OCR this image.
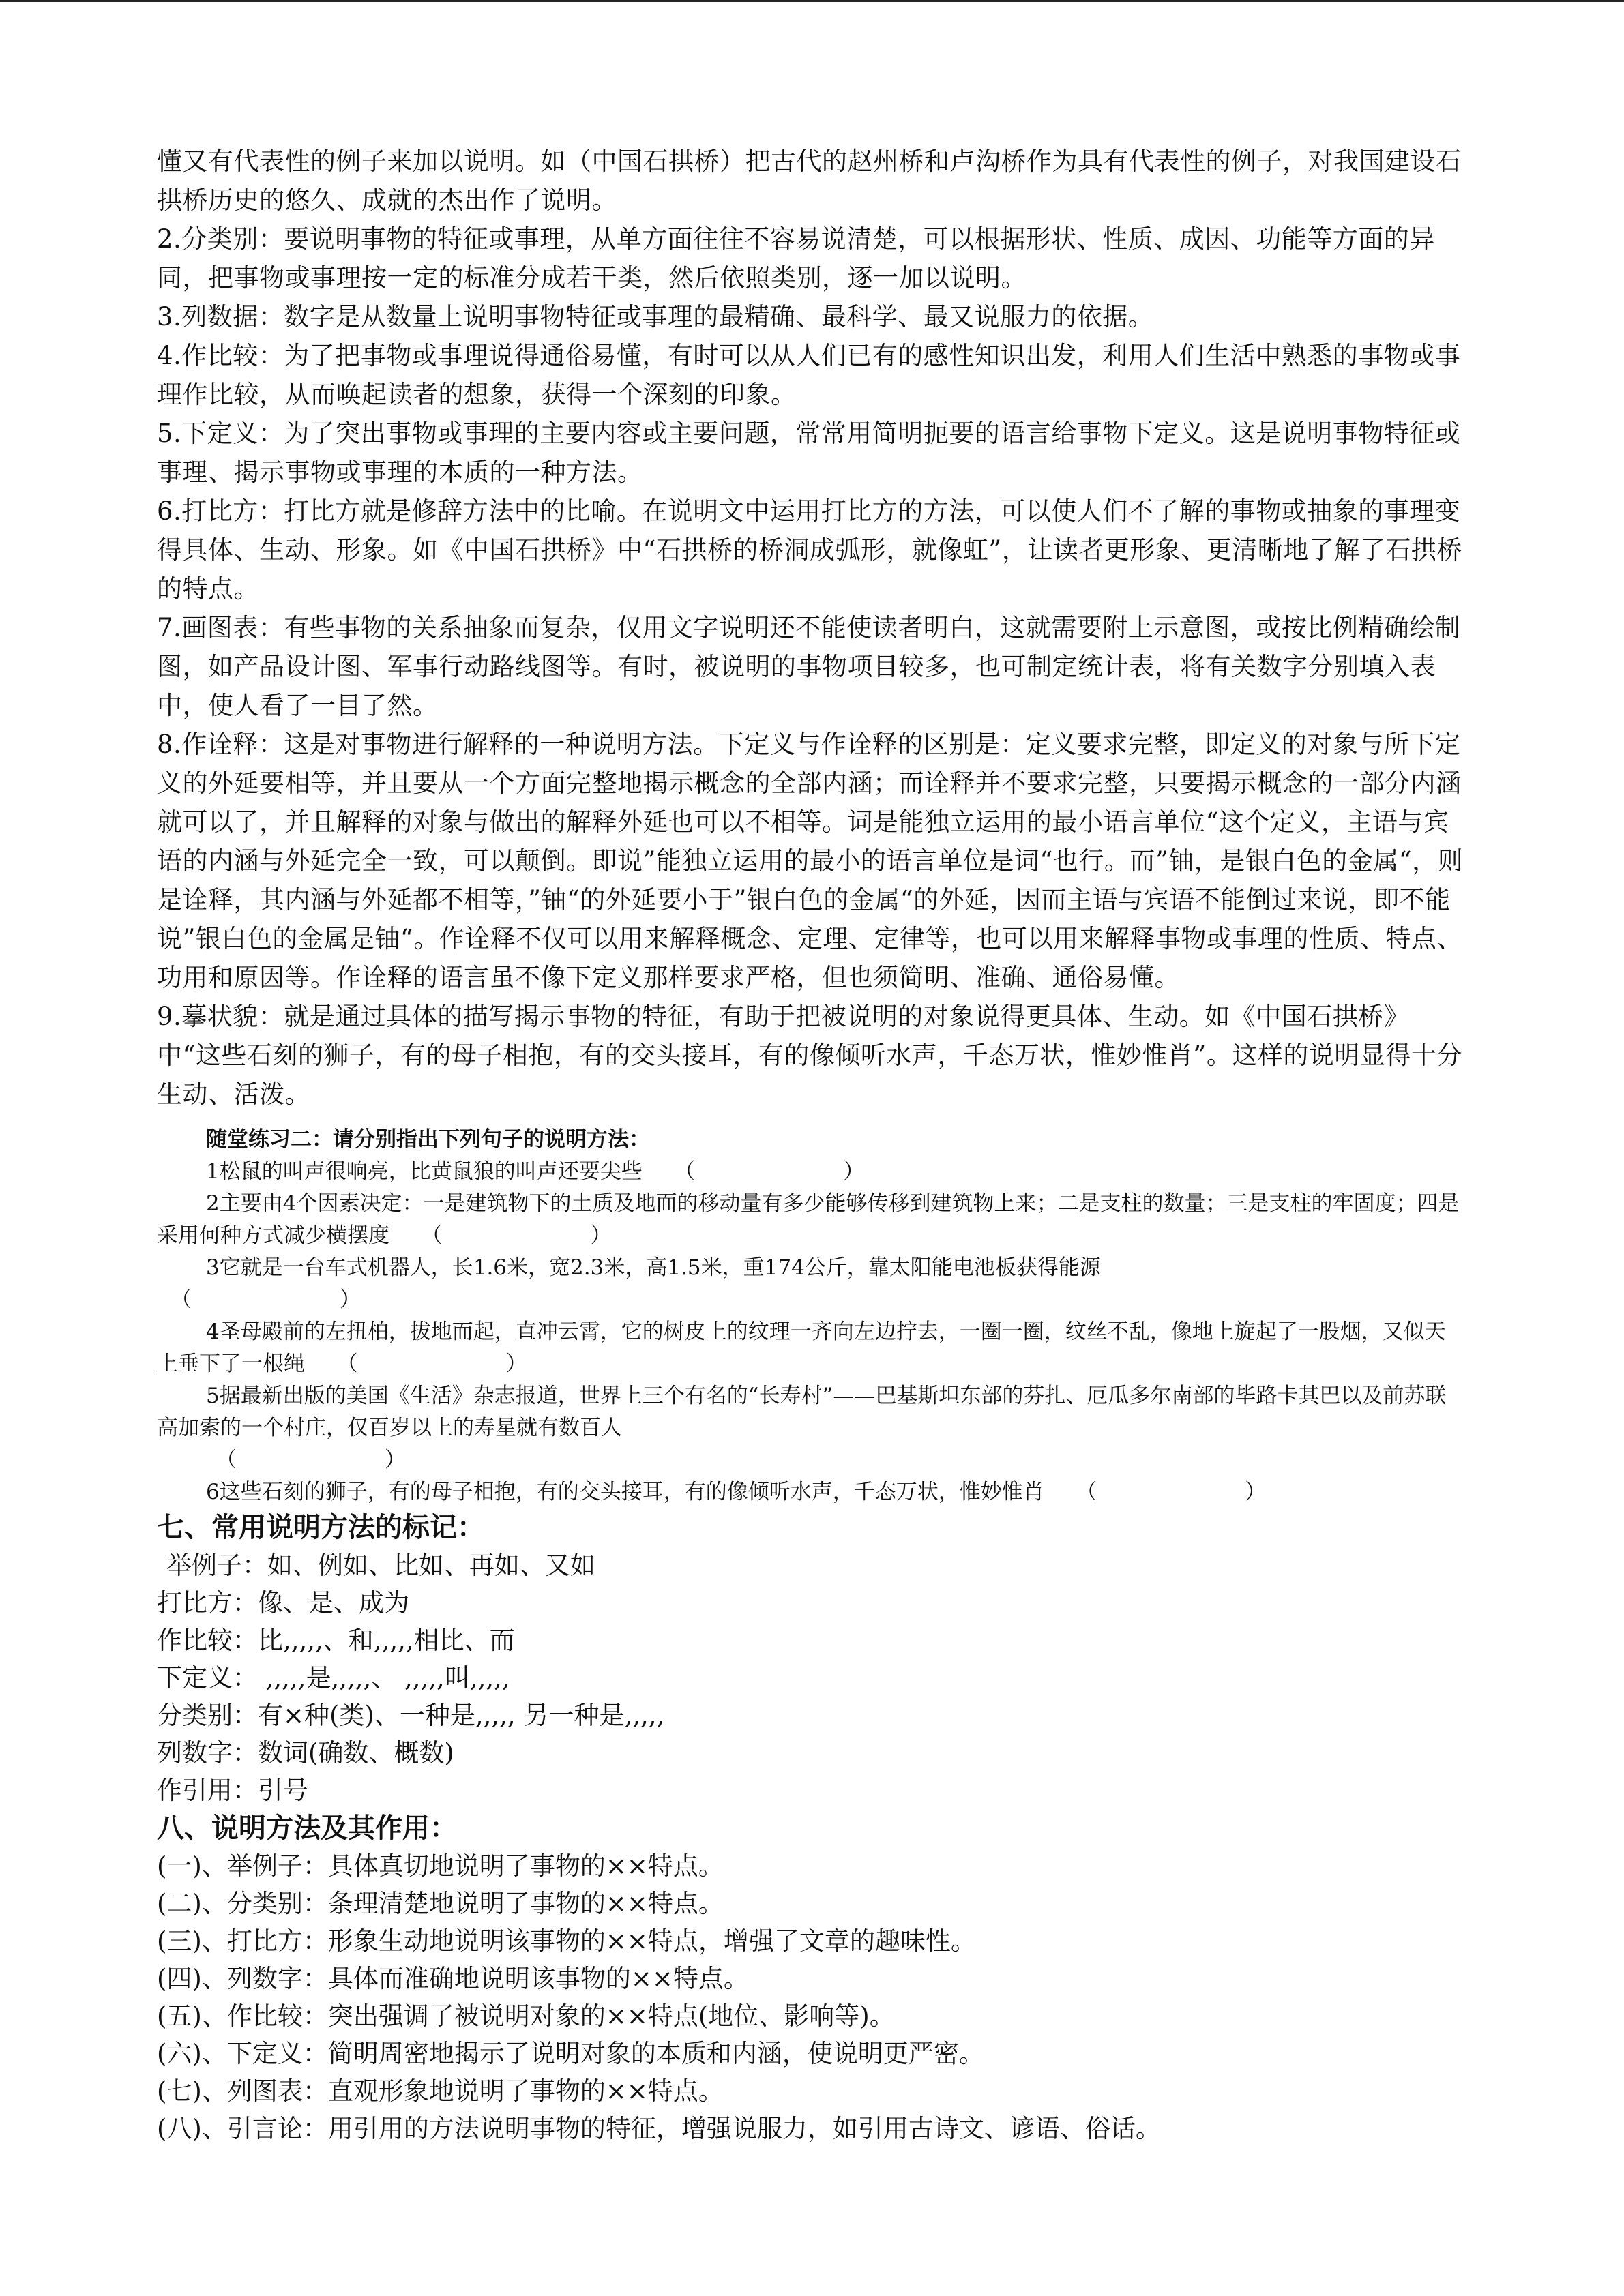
懂又有代表性的例子来加以说明。如（中国石拱桥）把古代的赵州桥和卢沟桥作为具有代表性的例子，对我国建设石拱桥历史的悠久、成就的杰出作了说明。

2.分类别：要说明事物的特征或事理，从单方面往往不容易说清楚，可以根据形状、性质、成因、功能等方面的异同，把事物或事理按一定的标准分成若干类，然后依照类别，逐一加以说明。

3.列数据：数字是从数量上说明事物特征或事理的最精确、最科学、最又说服力的依据。

4.作比较：为了把事物或事理说得通俗易懂，有时可以从人们已有的感性知识出发，利用人们生活中熟悉的事物或事理作比较，从而唤起读者的想象，获得一个深刻的印象。

5.下定义：为了突出事物或事理的主要内容或主要问题，常常用简明扼要的语言给事物下定义。这是说明事物特征或事理、揭示事物或事理的本质的一种方法。

6.打比方：打比方就是修辞方法中的比喻。在说明文中运用打比方的方法，可以使人们不了解的事物或抽象的事理变得具体、生动、形象。如《中国石拱桥》中“石拱桥的桥洞成弧形，就像虹”，让读者更形象、更清晰地了解了石拱桥的特点。

7.画图表：有些事物的关系抽象而复杂，仅用文字说明还不能使读者明白，这就需要附上示意图，或按比例精确绘制图，如产品设计图、军事行动路线图等。有时，被说明的事物项目较多，也可制定统计表，将有关数字分别填入表中，使人看了一目了然。

8.作诠释：这是对事物进行解释的一种说明方法。下定义与作诠释的区别是：定义要求完整，即定义的对象与所下定义的外延要相等，并且要从一个方面完整地揭示概念的全部内涵；而诠释并不要求完整，只要揭示概念的一部分内涵就可以了，并且解释的对象与做出的解释外延也可以不相等。词是能独立运用的最小语言单位“这个定义，主语与宾语的内涵与外延完全一致，可以颠倒。即说”能独立运用的最小的语言单位是词“也行。而”铀，是银白色的金属“，则是诠释，其内涵与外延都不相等，”铀“的外延要小于”银白色的金属“的外延，因而主语与宾语不能倒过来说，即不能说”银白色的金属是铀“。作诠释不仅可以用来解释概念、定理、定律等，也可以用来解释事物或事理的性质、特点、功用和原因等。作诠释的语言虽不像下定义那样要求严格，但也须简明、准确、通俗易懂。

9.摹状貌：就是通过具体的描写揭示事物的特征，有助于把被说明的对象说得更具体、生动。如《中国石拱桥》中“这些石刻的狮子，有的母子相抱，有的交头接耳，有的像倾听水声，千态万状，惟妙惟肖”。这样的说明显得十分生动、活泼。

随堂练习二：请分别指出下列句子的说明方法：

1松鼠的叫声很响亮，比黄鼠狼的叫声还要尖些　　 （　　　　　　　）

2主要由4个因素决定：一是建筑物下的土质及地面的移动量有多少能够传移到建筑物上来；二是支柱的数量；三是支柱的牢固度；四是采用何种方式减少横摆度　　 （　　　　　　　）

3它就是一台车式机器人，长1.6米，宽2.3米，高1.5米，重174公斤，靠太阳能电池板获得能源
（　　　　　　　）

4圣母殿前的左扭柏，拔地而起，直冲云霄，它的树皮上的纹理一齐向左边拧去，一圈一圈，纹丝不乱，像地上旋起了一股烟，又似天上垂下了一根绳　　 （　　　　　　　）

5据最新出版的美国《生活》杂志报道，世界上三个有名的“长寿村”——巴基斯坦东部的芬扎、厄瓜多尔南部的毕路卡其巴以及前苏联高加索的一个村庄，仅百岁以上的寿星就有数百人
（　　　　　　　）

6这些石刻的狮子，有的母子相抱，有的交头接耳，有的像倾听水声，千态万状，惟妙惟肖　　 （　　　　　　　）

七、常用说明方法的标记：

举例子：如、例如、比如、再如、又如

打比方：像、是、成为

作比较：比,,,,,、和,,,,,相比、而

下定义： ,,,,,是,,,,,、 ,,,,,叫,,,,,

分类别：有×种(类)、一种是,,,,, 另一种是,,,,,

列数字：数词(确数、概数)

作引用：引号

八、说明方法及其作用：

(一)、举例子：具体真切地说明了事物的××特点。

(二)、分类别：条理清楚地说明了事物的××特点。

(三)、打比方：形象生动地说明该事物的××特点，增强了文章的趣味性。

(四)、列数字：具体而准确地说明该事物的××特点。

(五)、作比较：突出强调了被说明对象的××特点(地位、影响等)。

(六)、下定义：简明周密地揭示了说明对象的本质和内涵，使说明更严密。

(七)、列图表：直观形象地说明了事物的××特点。

(八)、引言论：用引用的方法说明事物的特征，增强说服力，如引用古诗文、谚语、俗话。
